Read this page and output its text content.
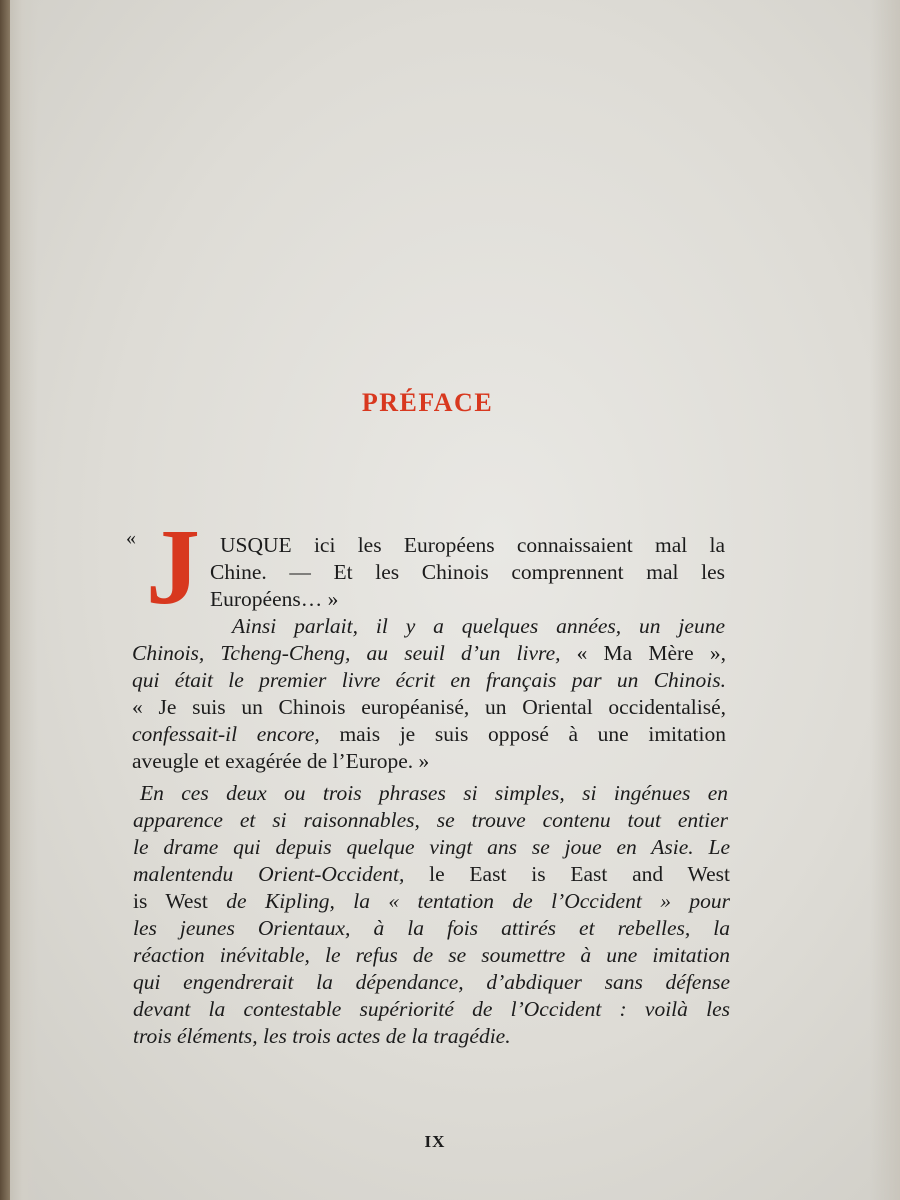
PRÉFACE
« J USQUE ici les Européens connaissaient mal la
Chine. — Et les Chinois comprennent mal les
Européens… »
Ainsi parlait, il y a quelques années, un jeune
Chinois, Tcheng-Cheng, au seuil d’un livre, « Ma Mère »,
qui était le premier livre écrit en français par un Chinois.
« Je suis un Chinois européanisé, un Oriental occidentalisé,
confessait-il encore, mais je suis opposé à une imitation
aveugle et exagérée de l’Europe. »
En ces deux ou trois phrases si simples, si ingénues en
apparence et si raisonnables, se trouve contenu tout entier
le drame qui depuis quelque vingt ans se joue en Asie. Le
malentendu Orient-Occident, le East is East and West
is West de Kipling, la « tentation de l’Occident » pour
les jeunes Orientaux, à la fois attirés et rebelles, la
réaction inévitable, le refus de se soumettre à une imitation
qui engendrerait la dépendance, d’abdiquer sans défense
devant la contestable supériorité de l’Occident : voilà les
trois éléments, les trois actes de la tragédie.
IX
